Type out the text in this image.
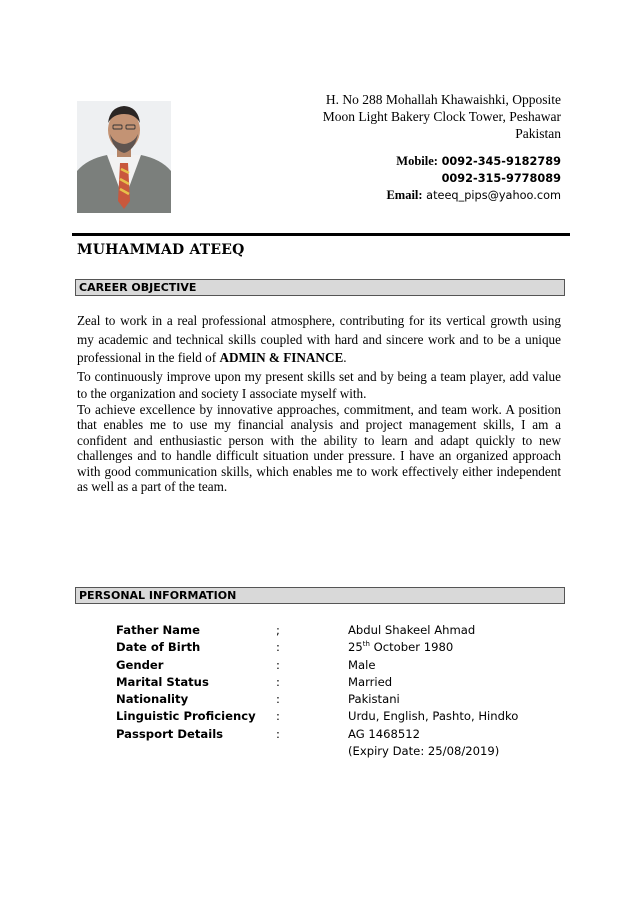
H. No 288 Mohallah Khawaishki, Opposite
Moon Light Bakery Clock Tower, Peshawar
Pakistan
Mobile: 0092-345-9182789
0092-315-9778089
Email: ateeq_pips@yahoo.com
MUHAMMAD ATEEQ
CAREER OBJECTIVE

Zeal to work in a real professional atmosphere, contributing for its vertical growth using my academic and technical skills coupled with hard and sincere work and to be a unique professional in the field of ADMIN & FINANCE.

To continuously improve upon my present skills set and by being a team player, add value to the organization and society I associate myself with.

To achieve excellence by innovative approaches, commitment, and team work. A position that enables me to use my financial analysis and project management skills, I am a confident and enthusiastic person with the ability to learn and adapt quickly to new challenges and to handle difficult situation under pressure. I have an organized approach with good communication skills, which enables me to work effectively either independent as well as a part of the team.

PERSONAL INFORMATION
Father Name	;	Abdul Shakeel Ahmad
Date of Birth	:	25th October 1980
Gender	:	Male
Marital Status	:	Married
Nationality	:	Pakistani
Linguistic Proficiency :	Urdu, English, Pashto, Hindko
Passport Details	:	AG 1468512
(Expiry Date: 25/08/2019)
